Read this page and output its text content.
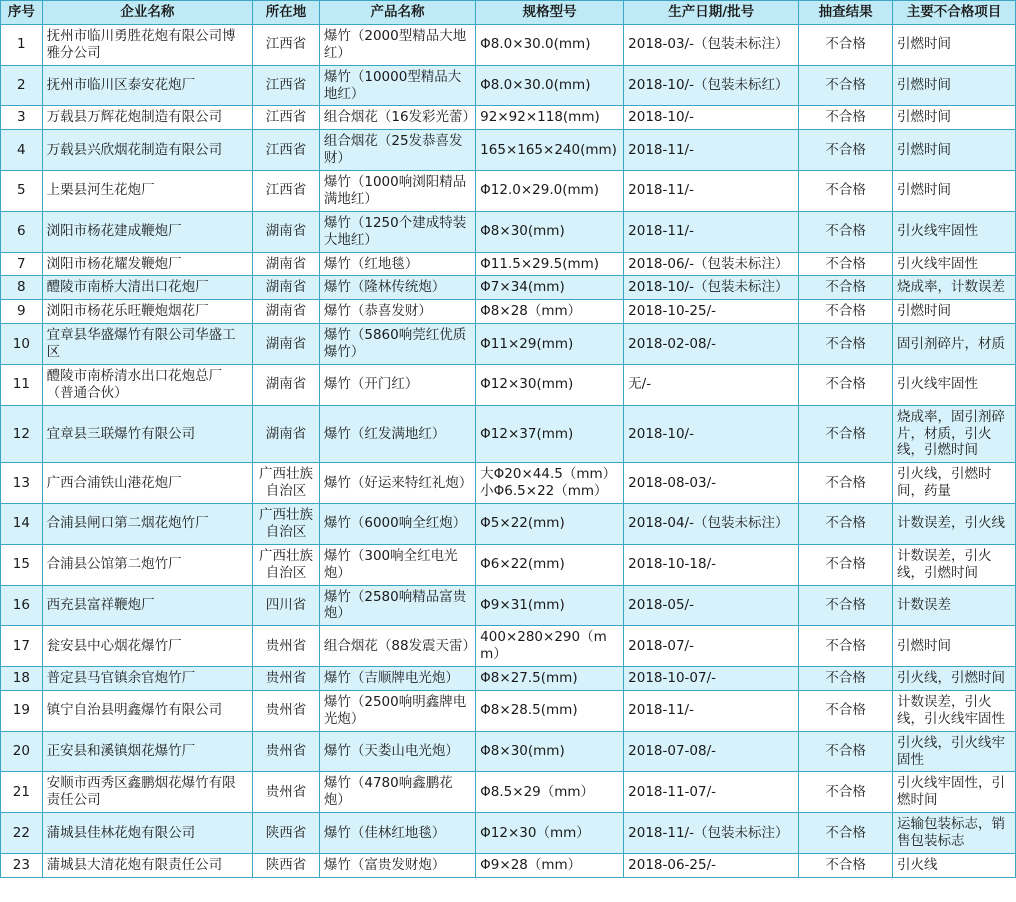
序号	企业名称	所在地	产品名称	规格型号	生产日期/批号	抽查结果	主要不合格项目
1	抚州市临川勇胜花炮有限公司博雅分公司	江西省	爆竹（2000型精品大地红）	Φ8.0×30.0(mm)	2018-03/-（包装未标注）	不合格	引燃时间
2	抚州市临川区泰安花炮厂	江西省	爆竹（10000型精品大地红）	Φ8.0×30.0(mm)	2018-10/-（包装未标红）	不合格	引燃时间
3	万载县万辉花炮制造有限公司	江西省	组合烟花（16发彩光蕾）	92×92×118(mm)	2018-10/-	不合格	引燃时间
4	万载县兴欣烟花制造有限公司	江西省	组合烟花（25发恭喜发财）	165×165×240(mm)	2018-11/-	不合格	引燃时间
5	上栗县河生花炮厂	江西省	爆竹（1000响浏阳精品满地红）	Φ12.0×29.0(mm)	2018-11/-	不合格	引燃时间
6	浏阳市杨花建成鞭炮厂	湖南省	爆竹（1250个建成特装大地红）	Φ8×30(mm)	2018-11/-	不合格	引火线牢固性
7	浏阳市杨花耀发鞭炮厂	湖南省	爆竹（红地毯）	Φ11.5×29.5(mm)	2018-06/-（包装未标注）	不合格	引火线牢固性
8	醴陵市南桥大清出口花炮厂	湖南省	爆竹（隆林传统炮）	Φ7×34(mm)	2018-10/-（包装未标注）	不合格	烧成率，计数误差
9	浏阳市杨花乐旺鞭炮烟花厂	湖南省	爆竹（恭喜发财）	Φ8×28（mm）	2018-10-25/-	不合格	引燃时间
10	宜章县华盛爆竹有限公司华盛工区	湖南省	爆竹（5860响莞红优质爆竹）	Φ11×29(mm)	2018-02-08/-	不合格	固引剂碎片，材质
11	醴陵市南桥清水出口花炮总厂（普通合伙）	湖南省	爆竹（开门红）	Φ12×30(mm)	无/-	不合格	引火线牢固性
12	宜章县三联爆竹有限公司	湖南省	爆竹（红发满地红）	Φ12×37(mm)	2018-10/-	不合格	烧成率，固引剂碎片，材质，引火线，引燃时间
13	广西合浦铁山港花炮厂	广西壮族自治区	爆竹（好运来特红礼炮）	大Φ20×44.5（mm）小Φ6.5×22（mm）	2018-08-03/-	不合格	引火线，引燃时间，药量
14	合浦县闸口第二烟花炮竹厂	广西壮族自治区	爆竹（6000响全红炮）	Φ5×22(mm)	2018-04/-（包装未标注）	不合格	计数误差，引火线
15	合浦县公馆第二炮竹厂	广西壮族自治区	爆竹（300响全红电光炮）	Φ6×22(mm)	2018-10-18/-	不合格	计数误差，引火线，引燃时间
16	西充县富祥鞭炮厂	四川省	爆竹（2580响精品富贵炮）	Φ9×31(mm)	2018-05/-	不合格	计数误差
17	瓮安县中心烟花爆竹厂	贵州省	组合烟花（88发震天雷）	400×280×290（mm）	2018-07/-	不合格	引燃时间
18	普定县马官镇余官炮竹厂	贵州省	爆竹（吉顺牌电光炮）	Φ8×27.5(mm)	2018-10-07/-	不合格	引火线，引燃时间
19	镇宁自治县明鑫爆竹有限公司	贵州省	爆竹（2500响明鑫牌电光炮）	Φ8×28.5(mm)	2018-11/-	不合格	计数误差，引火线，引火线牢固性
20	正安县和溪镇烟花爆竹厂	贵州省	爆竹（天娄山电光炮）	Φ8×30(mm)	2018-07-08/-	不合格	引火线，引火线牢固性
21	安顺市西秀区鑫鹏烟花爆竹有限责任公司	贵州省	爆竹（4780响鑫鹏花炮）	Φ8.5×29（mm）	2018-11-07/-	不合格	引火线牢固性，引燃时间
22	蒲城县佳林花炮有限公司	陕西省	爆竹（佳林红地毯）	Φ12×30（mm）	2018-11/-（包装未标注）	不合格	运输包装标志，销售包装标志
23	蒲城县大清花炮有限责任公司	陕西省	爆竹（富贵发财炮）	Φ9×28（mm）	2018-06-25/-	不合格	引火线
